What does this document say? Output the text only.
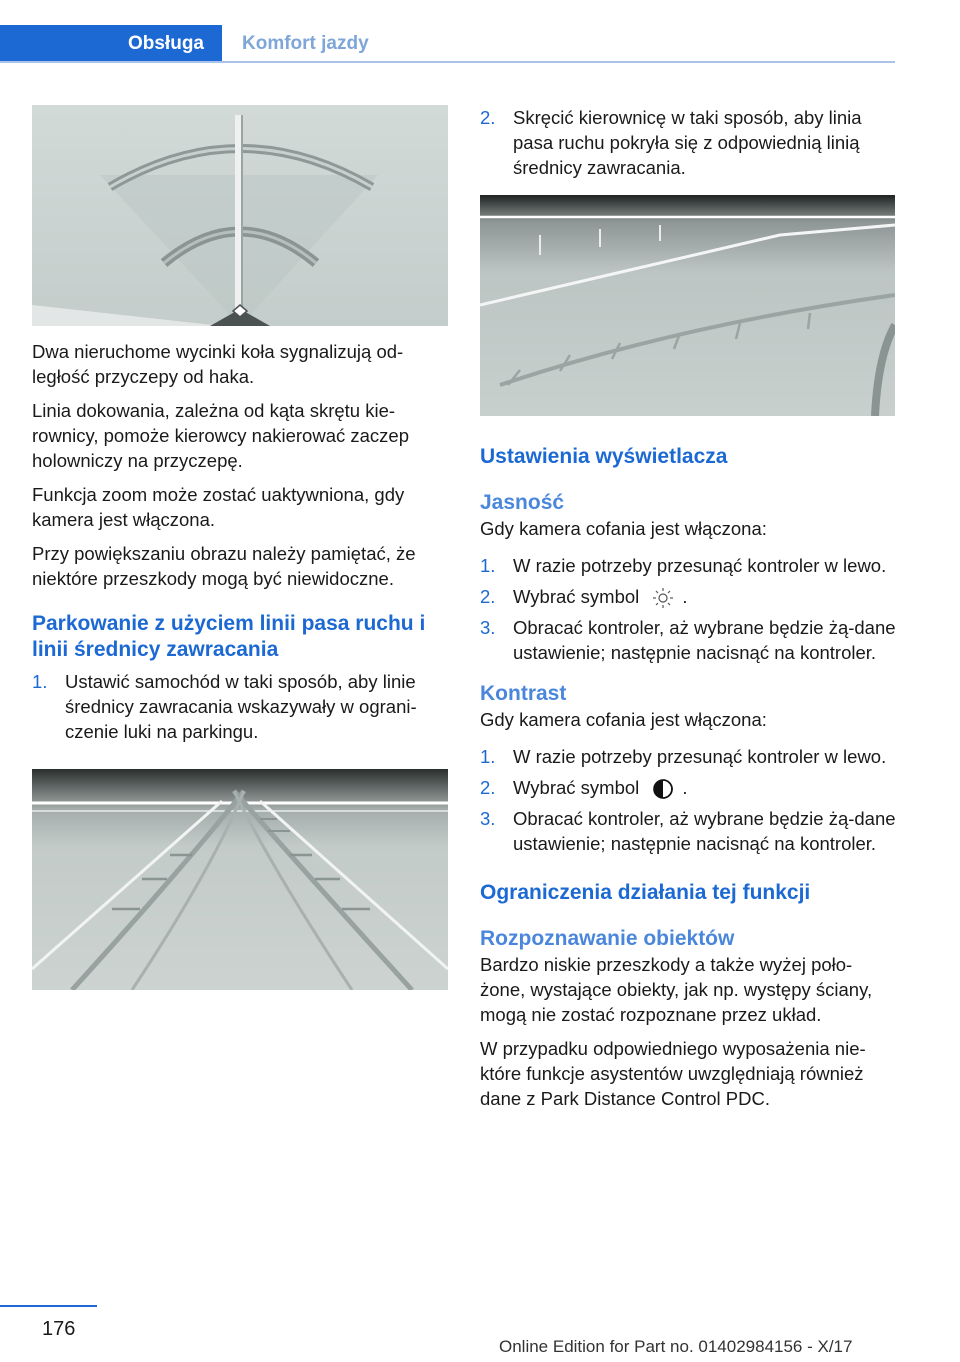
Obsługa	Komfort jazdy

Dwa nieruchome wycinki koła sygnalizują od‐ległość przyczepy od haka.

Linia dokowania, zależna od kąta skrętu kie‐rownicy, pomoże kierowcy nakierować zaczep holowniczy na przyczepę.

Funkcja zoom może zostać uaktywniona, gdy kamera jest włączona.

Przy powiększaniu obrazu należy pamiętać, że niektóre przeszkody mogą być niewidoczne.

Parkowanie z użyciem linii pasa ruchu i linii średnicy zawracania
1. Ustawić samochód w taki sposób, aby linie średnicy zawracania wskazywały w ograni‐czenie luki na parkingu.
2. Skręcić kierownicę w taki sposób, aby linia pasa ruchu pokryła się z odpowiednią linią średnicy zawracania.
Ustawienia wyświetlacza
Jasność

Gdy kamera cofania jest włączona:

1. W razie potrzeby przesunąć kontroler w lewo.
2. Wybrać symbol .
3. Obracać kontroler, aż wybrane będzie żą‐dane ustawienie; następnie nacisnąć na kontroler.
Kontrast

Gdy kamera cofania jest włączona:

1. W razie potrzeby przesunąć kontroler w lewo.
2. Wybrać symbol .
3. Obracać kontroler, aż wybrane będzie żą‐dane ustawienie; następnie nacisnąć na kontroler.
Ograniczenia działania tej funkcji
Rozpoznawanie obiektów

Bardzo niskie przeszkody a także wyżej poło‐żone, wystające obiekty, jak np. występy ściany, mogą nie zostać rozpoznane przez układ.

W przypadku odpowiedniego wyposażenia nie‐które funkcje asystentów uwzględniają również dane z Park Distance Control PDC.

176
Online Edition for Part no. 01402984156 - X/17
